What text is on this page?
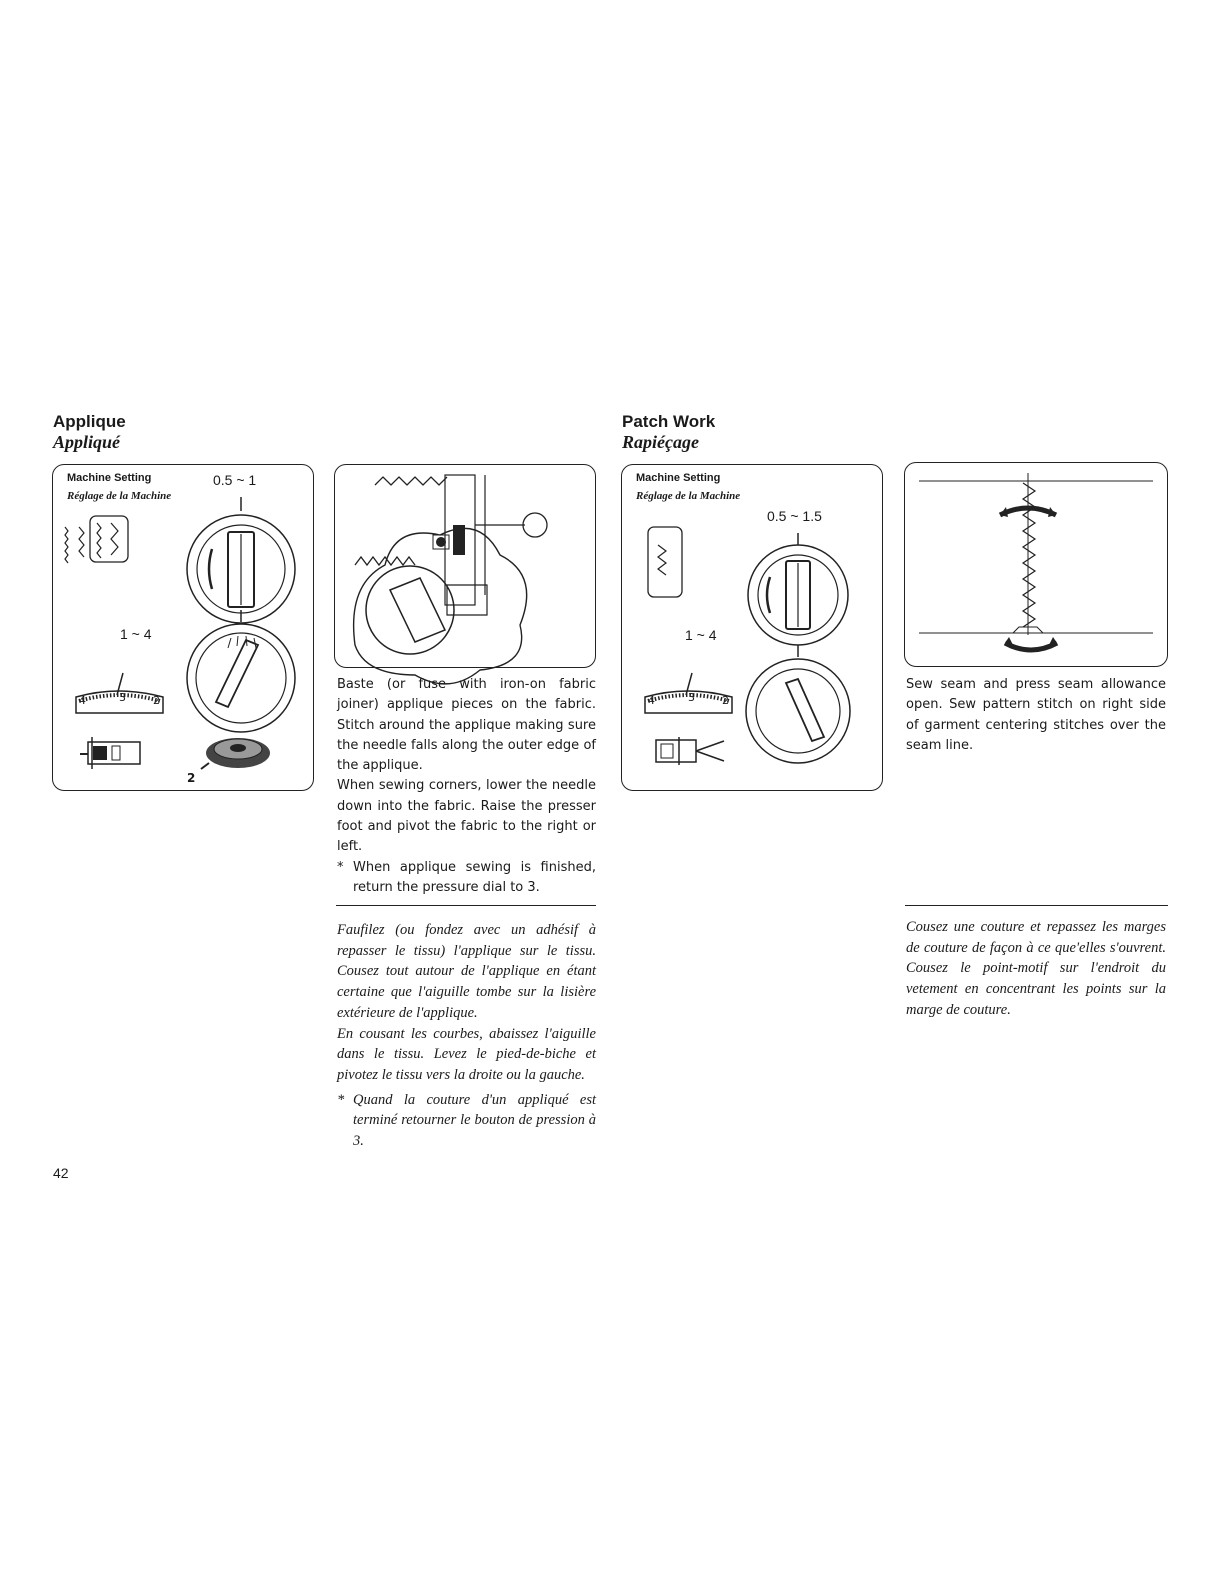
Applique
Appliqué
Machine Setting
Réglage de la Machine
0.5 ~ 1
1 ~ 4
4	3 2
2

Baste (or fuse with iron-on fabric joiner) applique pieces on the fabric. Stitch around the applique making sure the needle falls along the outer edge of the applique.

When sewing corners, lower the needle down into the fabric. Raise the presser foot and pivot the fabric to the right or left.

* When applique sewing is finished, return the pressure dial to 3.

Faufilez (ou fondez avec un adhésif à repasser le tissu) l'applique sur le tissu. Cousez tout autour de l'applique en étant certaine que l'aiguille tombe sur la lisière extérieure de l'applique.

En cousant les courbes, abaissez l'aiguille dans le tissu. Levez le pied-de-biche et pivotez le tissu vers la droite ou la gauche.

* Quand la couture d'un appliqué est terminé retourner le bouton de pression à 3.
42
Patch Work
Rapiéçage
Machine Setting
Réglage de la Machine
0.5 ~ 1.5
1 ~ 4
4	3 2
Sew seam and press seam allowance open. Sew pattern stitch on right side of garment centering stitches over the seam line.
Cousez une couture et repassez les marges de couture de façon à ce que'elles s'ouvrent. Cousez le point-motif sur l'endroit du vetement en concentrant les points sur la marge de couture.
